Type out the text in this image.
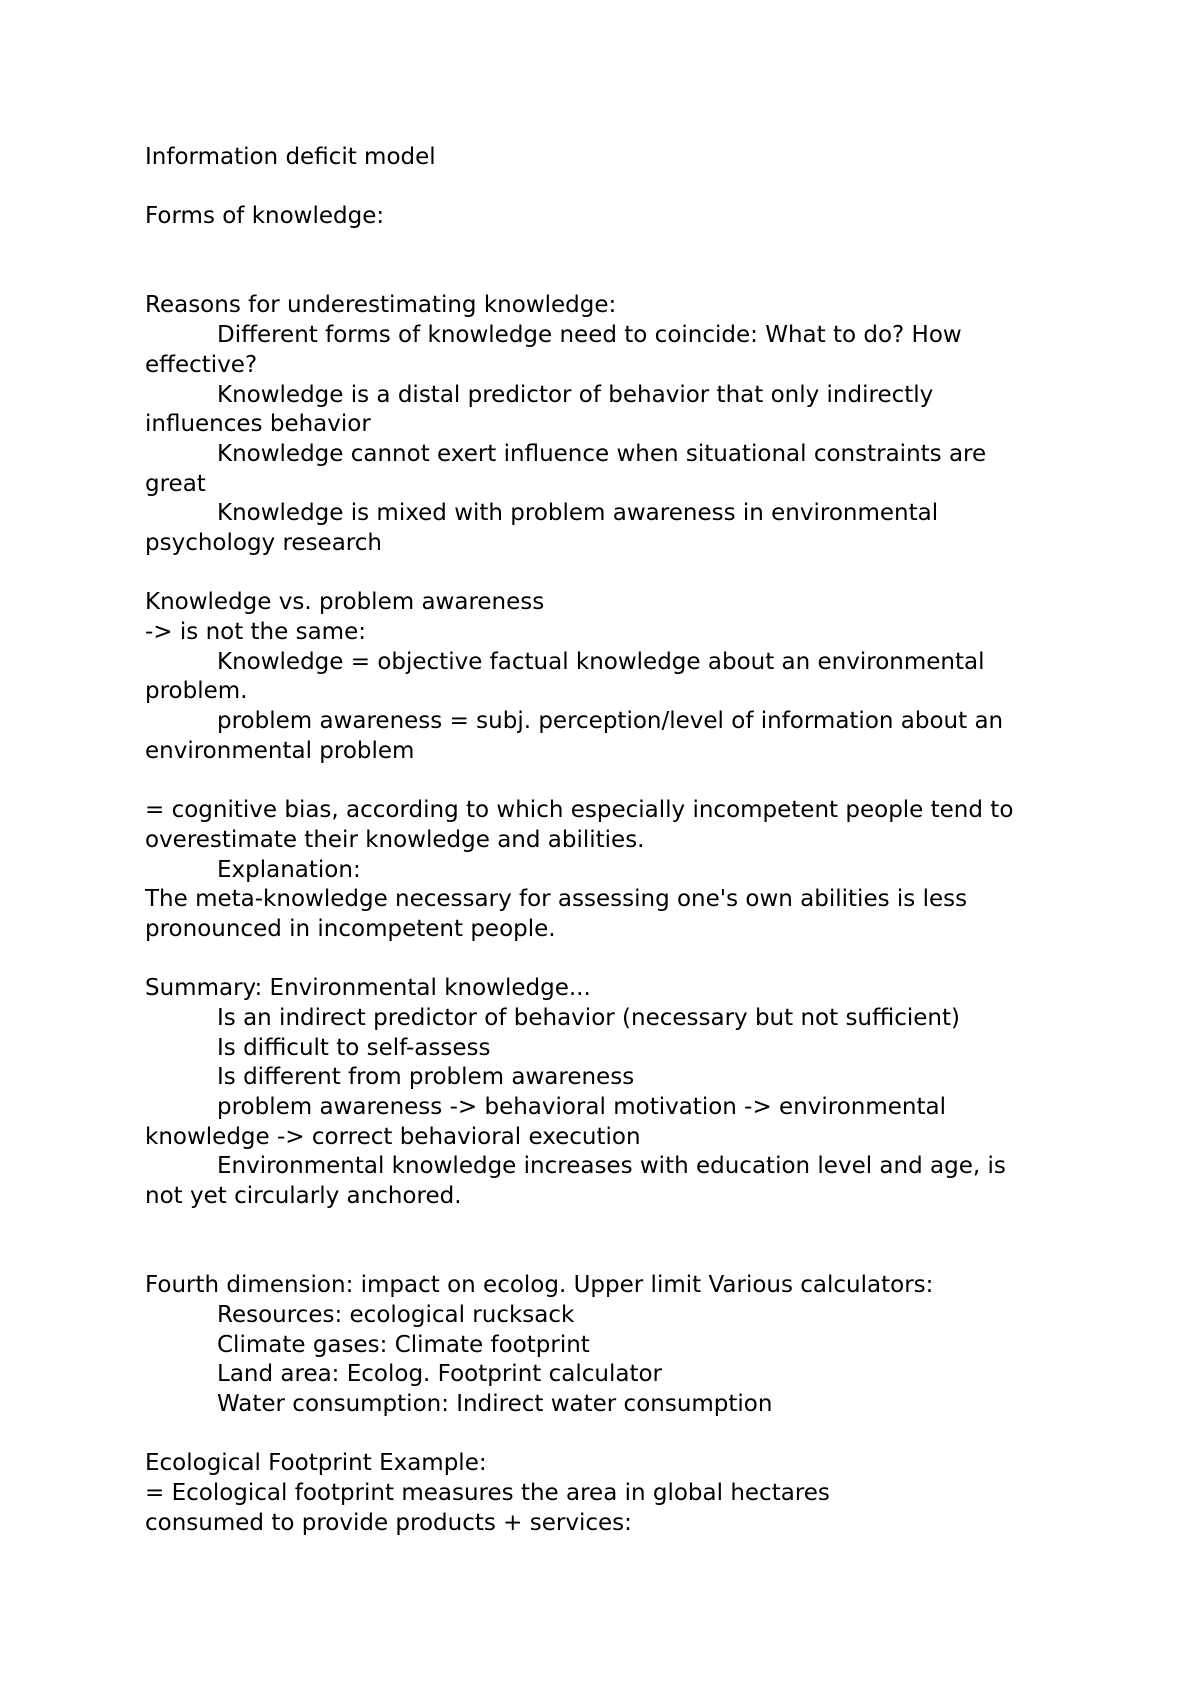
Information deficit model
Forms of knowledge:
Reasons for underestimating knowledge:
Different forms of knowledge need to coincide: What to do? How
effective?
Knowledge is a distal predictor of behavior that only indirectly
influences behavior
Knowledge cannot exert influence when situational constraints are
great
Knowledge is mixed with problem awareness in environmental
psychology research
Knowledge vs. problem awareness
-> is not the same:
Knowledge = objective factual knowledge about an environmental
problem.
problem awareness = subj. perception/level of information about an
environmental problem
= cognitive bias, according to which especially incompetent people tend to
overestimate their knowledge and abilities.
Explanation:
The meta-knowledge necessary for assessing one's own abilities is less
pronounced in incompetent people.
Summary: Environmental knowledge...
Is an indirect predictor of behavior (necessary but not sufficient)
Is difficult to self-assess
Is different from problem awareness
problem awareness -> behavioral motivation -> environmental
knowledge -> correct behavioral execution
Environmental knowledge increases with education level and age, is
not yet circularly anchored.
Fourth dimension: impact on ecolog. Upper limit Various calculators:
Resources: ecological rucksack
Climate gases: Climate footprint
Land area: Ecolog. Footprint calculator
Water consumption: Indirect water consumption
Ecological Footprint Example:
= Ecological footprint measures the area in global hectares
consumed to provide products + services:
